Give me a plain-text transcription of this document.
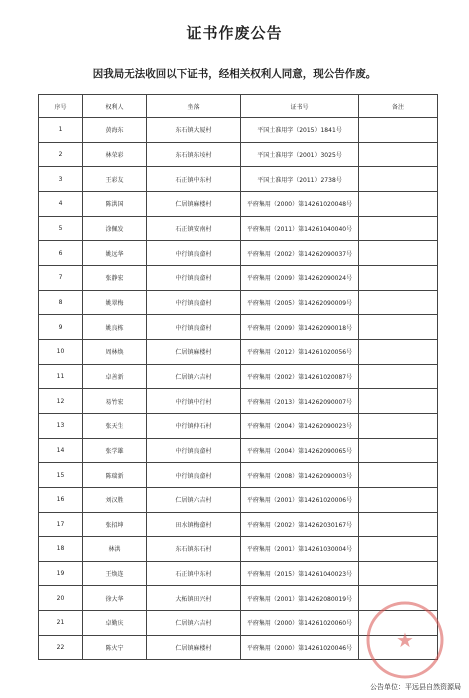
证书作废公告
因我局无法收回以下证书，经相关权利人同意，现公告作废。
序号	权利人	坐落	证书号	备注
1	黄海东	东石镇大厦村	平国土准用字（2015）1841号	
2	林荣彩	东石镇东垵村	平国土准用字（2001）3025号	
3	王彩友	石正镇中东村	平国土准用字（2011）2738号	
4	陈洪国	仁居镇麻楼村	平府集用（2000）第14261020048号	
5	涂佩发	石正镇安南村	平府集用（2011）第14261040040号	
6	姚远华	中行镇良畲村	平府集用（2002）第14262090037号	
7	张静宏	中行镇良畲村	平府集用（2009）第14262090024号	
8	姚翠梅	中行镇良畲村	平府集用（2005）第14262090009号	
9	姚良栋	中行镇良畲村	平府集用（2009）第14262090018号	
10	周林焕	仁居镇麻楼村	平府集用（2012）第14261020056号	
11	卓善新	仁居镇六吉村	平府集用（2002）第14261020087号	
12	易竹宏	中行镇中行村	平府集用（2013）第14262090007号	
13	张天生	中行镇仲石村	平府集用（2004）第14262090023号	
14	张学雄	中行镇良畲村	平府集用（2004）第14262090065号	
15	陈瑞新	中行镇良畲村	平府集用（2008）第14262090003号	
16	刘汉胜	仁居镇六吉村	平府集用（2001）第14261020006号	
17	张招坤	田水镇梅畲村	平府集用（2002）第14262030167号	
18	林洪	东石镇东石村	平府集用（2001）第14261030004号	
19	王焕连	石正镇中东村	平府集用（2015）第14261040023号	
20	徐大华	大柘镇田兴村	平府集用（2001）第14262080019号	
21	卓勤庆	仁居镇六吉村	平府集用（2000）第14261020060号	
22	陈火宁	仁居镇麻楼村	平府集用（2000）第14261020046号	★
公告单位：平远县自然资源局
